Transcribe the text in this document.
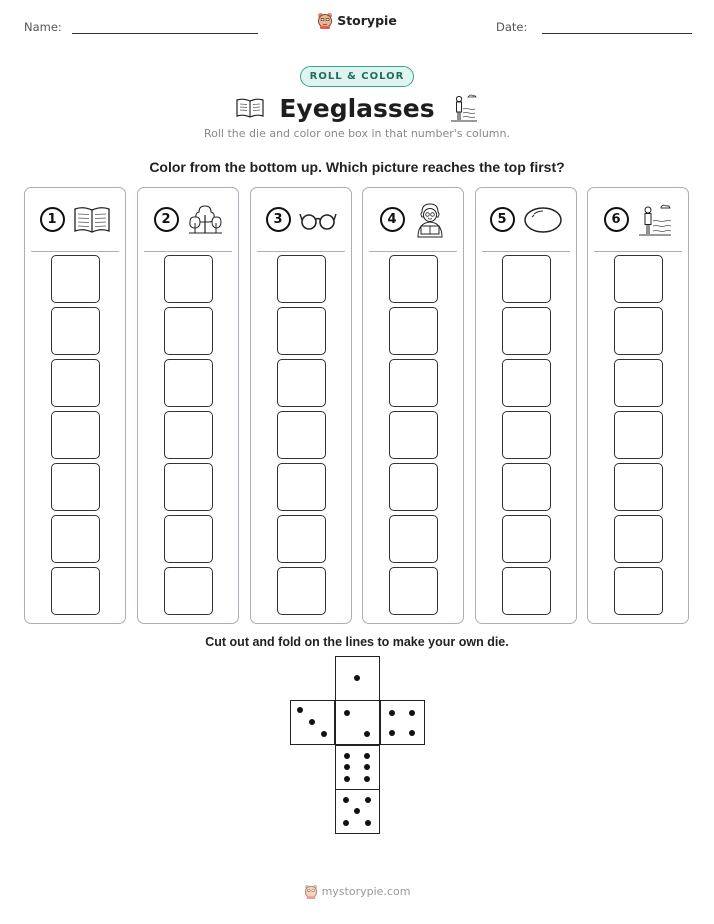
Name:	Storypie	Date:
ROLL & COLOR
Eyeglasses
Roll the die and color one box in that number's column.
Color from the bottom up. Which picture reaches the top first?
1	2	3	4	5	6
Cut out and fold on the lines to make your own die.
mystorypie.com
